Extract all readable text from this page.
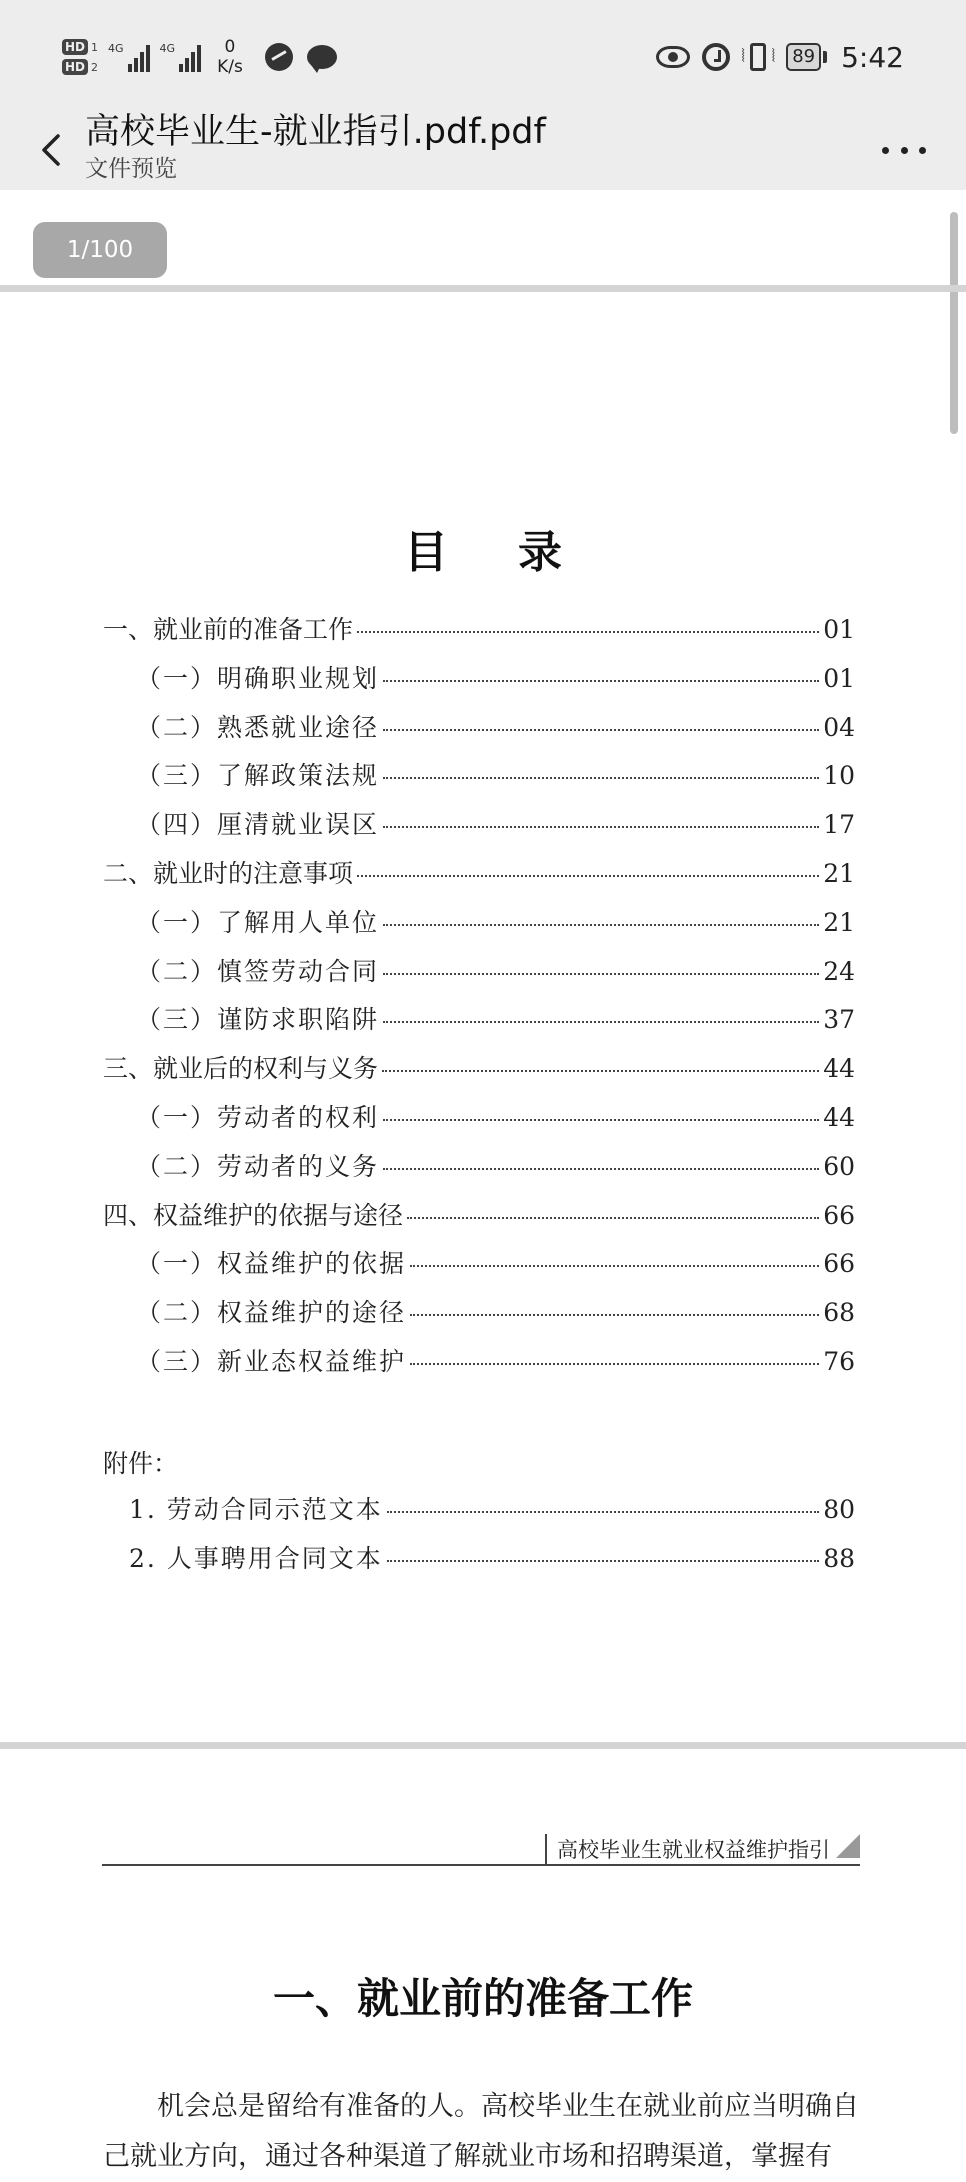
HD 1
HD 2
4G	4G	0
K/s ⦚ ⦚	89 5:42
高校毕业生-就业指引.pdf.pdf
文件预览
1/100
目录
一、就业前的准备工作	01
（一）明确职业规划	01
（二）熟悉就业途径	04
（三）了解政策法规	10
（四）厘清就业误区	17
二、就业时的注意事项	21
（一）了解用人单位	21
（二）慎签劳动合同	24
（三）谨防求职陷阱	37
三、就业后的权利与义务	44
（一）劳动者的权利	44
（二）劳动者的义务	60
四、权益维护的依据与途径	66
（一）权益维护的依据	66
（二）权益维护的途径	68
（三）新业态权益维护	76
附件：
1. 劳动合同示范文本	80
2. 人事聘用合同文本	88
高校毕业生就业权益维护指引
一、就业前的准备工作
机会总是留给有准备的人。高校毕业生在就业前应当明确自己就业方向，通过各种渠道了解就业市场和招聘渠道，掌握有
